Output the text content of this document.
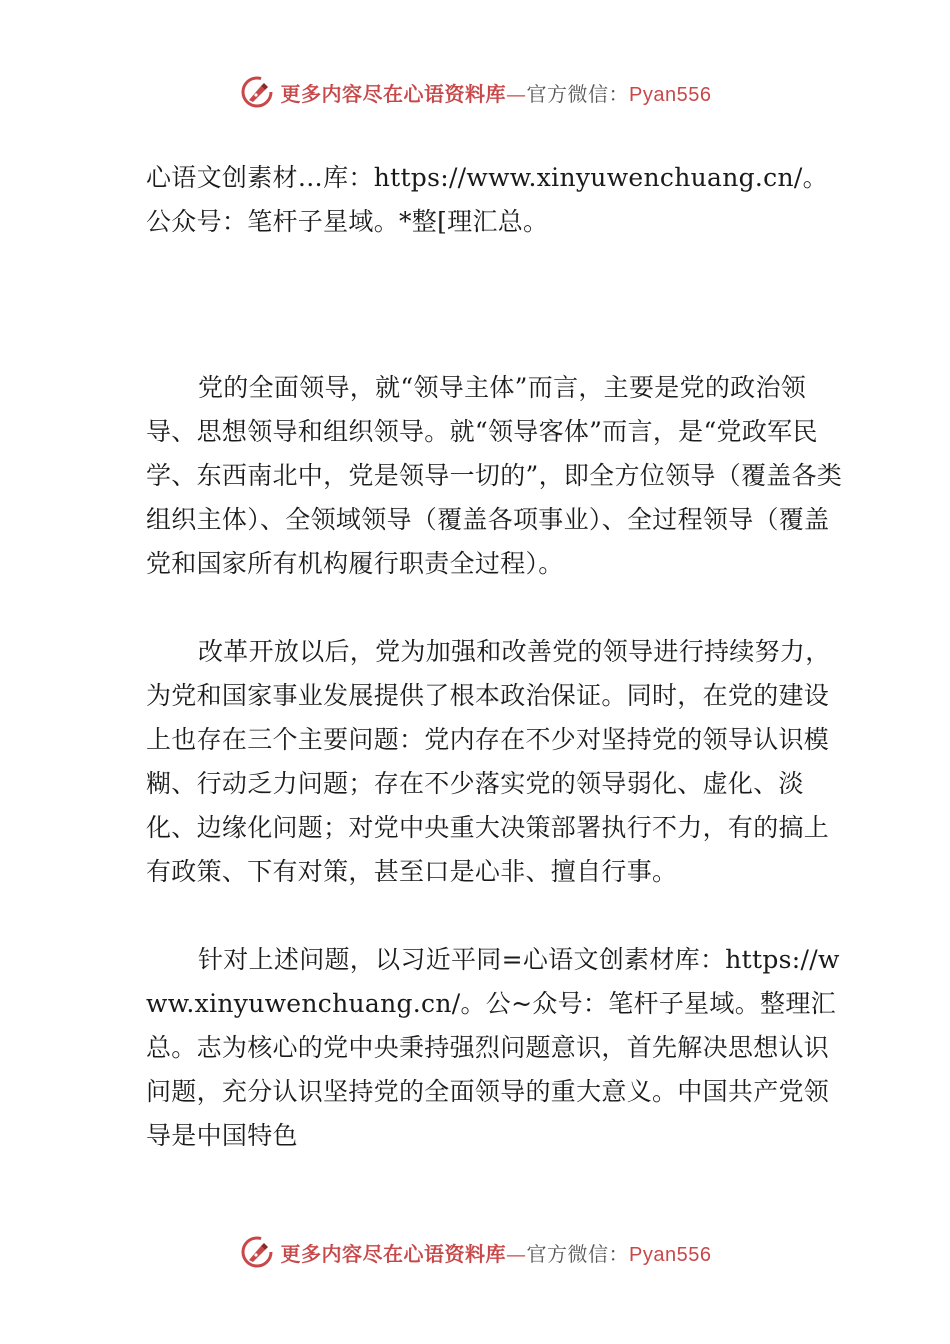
更多内容尽在心语资料库—官方微信：Pyan556

心语文创素材…库：https://www.xinyuwenchuang.cn/。公众号：笔杆子星域。*整[理汇总。

党的全面领导，就“领导主体”而言，主要是党的政治领导、思想领导和组织领导。就“领导客体”而言，是“党政军民学、东西南北中，党是领导一切的”，即全方位领导（覆盖各类组织主体）、全领域领导（覆盖各项事业）、全过程领导（覆盖党和国家所有机构履行职责全过程）。

改革开放以后，党为加强和改善党的领导进行持续努力，为党和国家事业发展提供了根本政治保证。同时，在党的建设上也存在三个主要问题：党内存在不少对坚持党的领导认识模糊、行动乏力问题；存在不少落实党的领导弱化、虚化、淡化、边缘化问题；对党中央重大决策部署执行不力，有的搞上有政策、下有对策，甚至口是心非、擅自行事。

针对上述问题，以习近平同=心语文创素材库：https://www.xinyuwenchuang.cn/。公~众号：笔杆子星域。整理汇总。志为核心的党中央秉持强烈问题意识，首先解决思想认识问题，充分认识坚持党的全面领导的重大意义。中国共产党领导是中国特色

更多内容尽在心语资料库—官方微信：Pyan556
